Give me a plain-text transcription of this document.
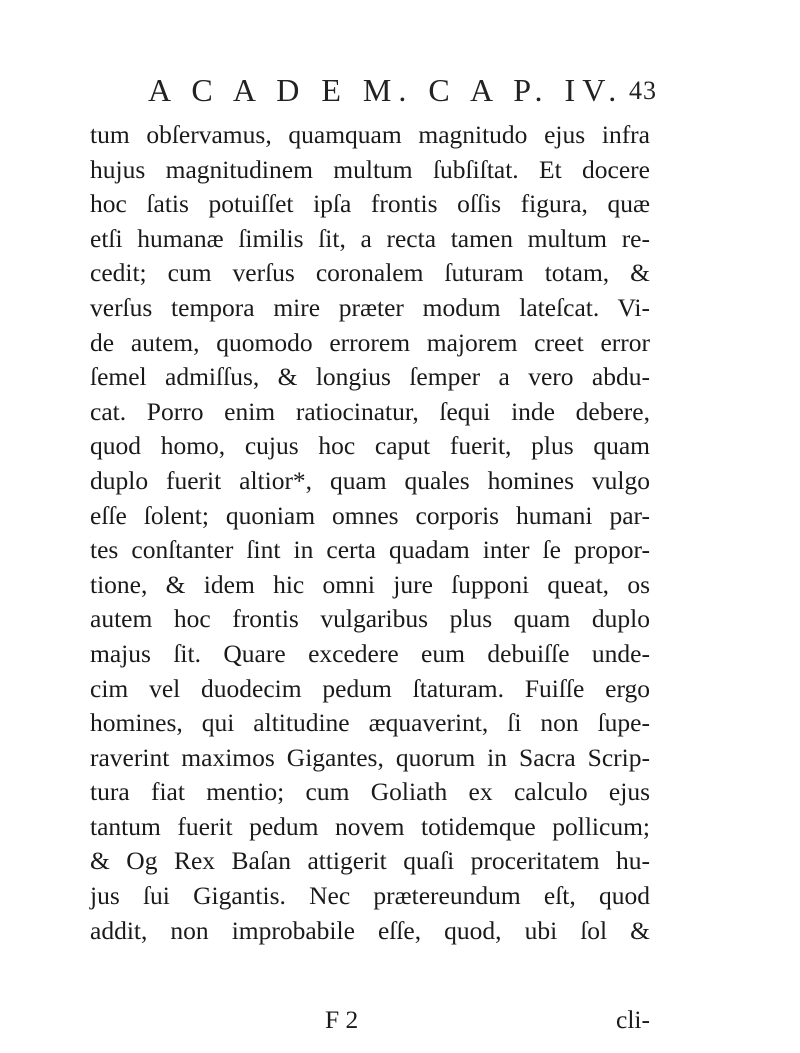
A C A D E M. C A P. IV. 43
tum obſervamus, quamquam magnitudo ejus infra
hujus magnitudinem multum ſubſiſtat. Et docere
hoc ſatis potuiſſet ipſa frontis oſſis figura, quæ
etſi humanæ ſimilis ſit, a recta tamen multum re-
cedit; cum verſus coronalem ſuturam totam, &
verſus tempora mire præter modum lateſcat. Vi-
de autem, quomodo errorem majorem creet error
ſemel admiſſus, & longius ſemper a vero abdu-
cat. Porro enim ratiocinatur, ſequi inde debere,
quod homo, cujus hoc caput fuerit, plus quam
duplo fuerit altior*, quam quales homines vulgo
eſſe ſolent; quoniam omnes corporis humani par-
tes conſtanter ſint in certa quadam inter ſe propor-
tione, & idem hic omni jure ſupponi queat, os
autem hoc frontis vulgaribus plus quam duplo
majus ſit. Quare excedere eum debuiſſe unde-
cim vel duodecim pedum ſtaturam. Fuiſſe ergo
homines, qui altitudine æquaverint, ſi non ſupe-
raverint maximos Gigantes, quorum in Sacra Scrip-
tura fiat mentio; cum Goliath ex calculo ejus
tantum fuerit pedum novem totidemque pollicum;
& Og Rex Baſan attigerit quaſi proceritatem hu-
jus ſui Gigantis. Nec prætereundum eſt, quod
addit, non improbabile eſſe, quod, ubi ſol &
F 2	cli-
